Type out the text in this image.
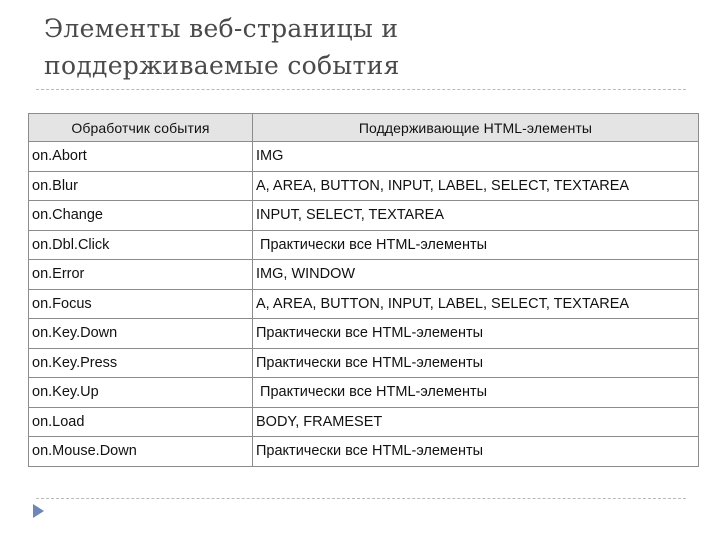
Элементы веб-страницы и
поддерживаемые события
Обработчик события	Поддерживающие HTML-элементы
on.Abort	IMG
on.Blur	A, AREA, BUTTON, INPUT, LABEL, SELECT, TEXTAREA
on.Change	INPUT, SELECT, TEXTAREA
on.Dbl.Click	Практически все HTML-элементы
on.Error	IMG, WINDOW
on.Focus	A, AREA, BUTTON, INPUT, LABEL, SELECT, TEXTAREA
on.Key.Down	Практически все HTML-элементы
on.Key.Press	Практически все HTML-элементы
on.Key.Up	Практически все HTML-элементы
on.Load	BODY, FRAMESET
on.Mouse.Down	Практически все HTML-элементы
